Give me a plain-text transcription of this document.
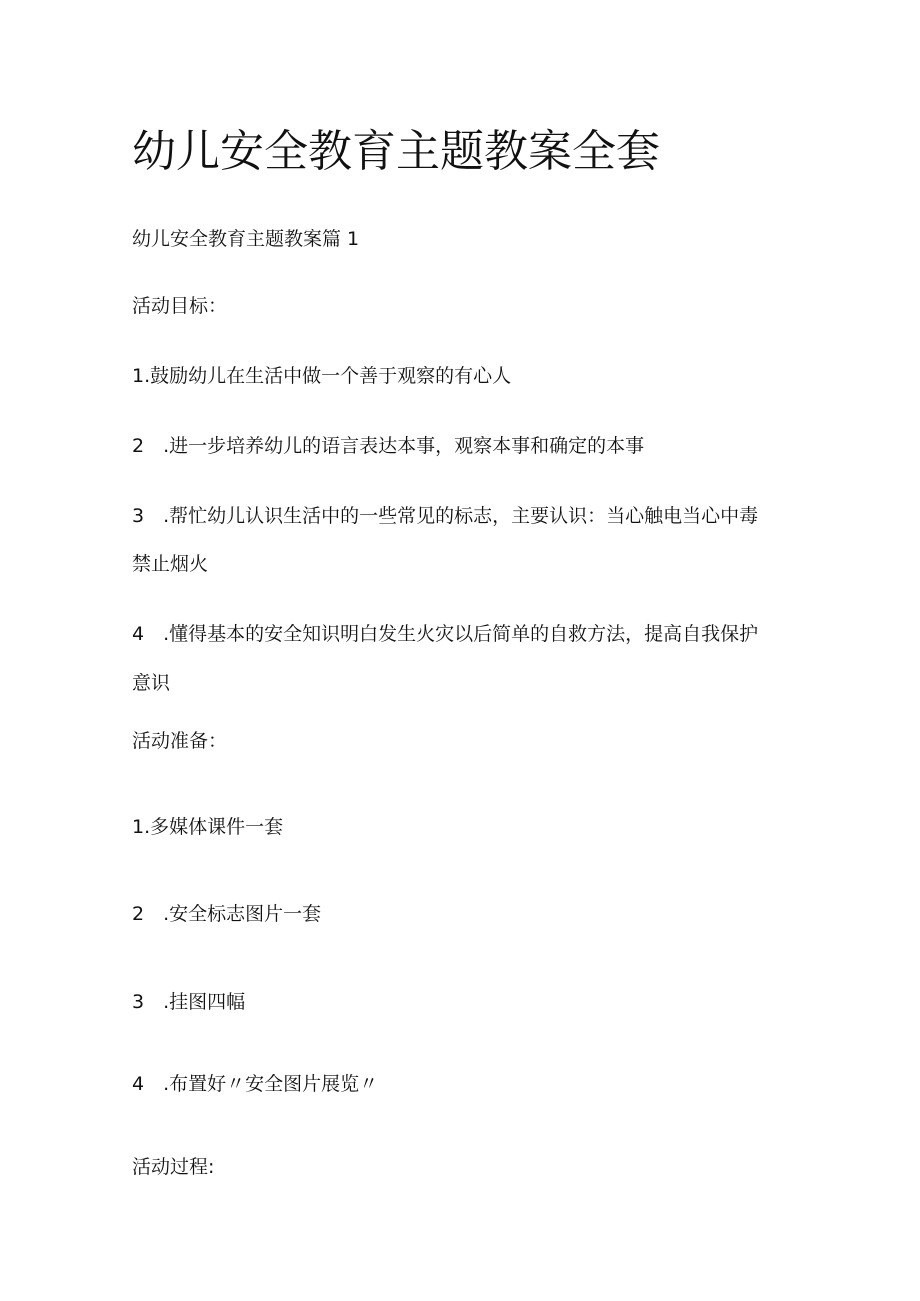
幼儿安全教育主题教案全套
幼儿安全教育主题教案篇 1
活动目标：
1.鼓励幼儿在生活中做一个善于观察的有心人
2　.进一步培养幼儿的语言表达本事，观察本事和确定的本事
3　.帮忙幼儿认识生活中的一些常见的标志，主要认识：当心触电当心中毒
禁止烟火
4　.懂得基本的安全知识明白发生火灾以后简单的自救方法，提高自我保护
意识
活动准备：
1.多媒体课件一套
2　.安全标志图片一套
3　.挂图四幅
4　.布置好〃安全图片展览〃
活动过程:
